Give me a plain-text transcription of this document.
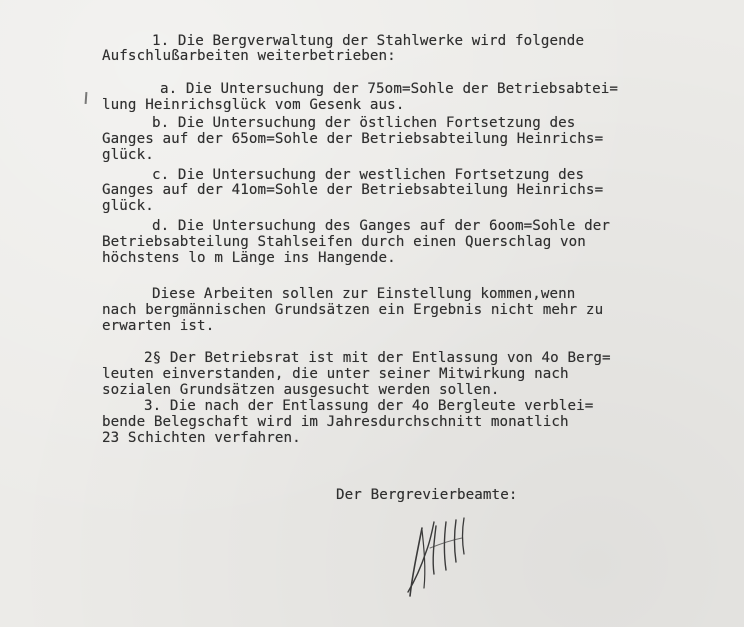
1. Die Bergverwaltung der Stahlwerke wird folgende
Aufschlußarbeiten weiterbetrieben:
a. Die Untersuchung der 75om=Sohle der Betriebsabtei=
lung Heinrichsglück vom Gesenk aus.
b. Die Untersuchung der östlichen Fortsetzung des
Ganges auf der 65om=Sohle der Betriebsabteilung Heinrichs=
glück.
c. Die Untersuchung der westlichen Fortsetzung des
Ganges auf der 41om=Sohle der Betriebsabteilung Heinrichs=
glück.
d. Die Untersuchung des Ganges auf der 6oom=Sohle der
Betriebsabteilung Stahlseifen durch einen Querschlag von
höchstens lo m Länge ins Hangende.
Diese Arbeiten sollen zur Einstellung kommen,wenn
nach bergmännischen Grundsätzen ein Ergebnis nicht mehr zu
erwarten ist.
2§ Der Betriebsrat ist mit der Entlassung von 4o Berg=
leuten einverstanden, die unter seiner Mitwirkung nach
sozialen Grundsätzen ausgesucht werden sollen.
3. Die nach der Entlassung der 4o Bergleute verblei=
bende Belegschaft wird im Jahresdurchschnitt monatlich
23 Schichten verfahren.
Der Bergrevierbeamte:
